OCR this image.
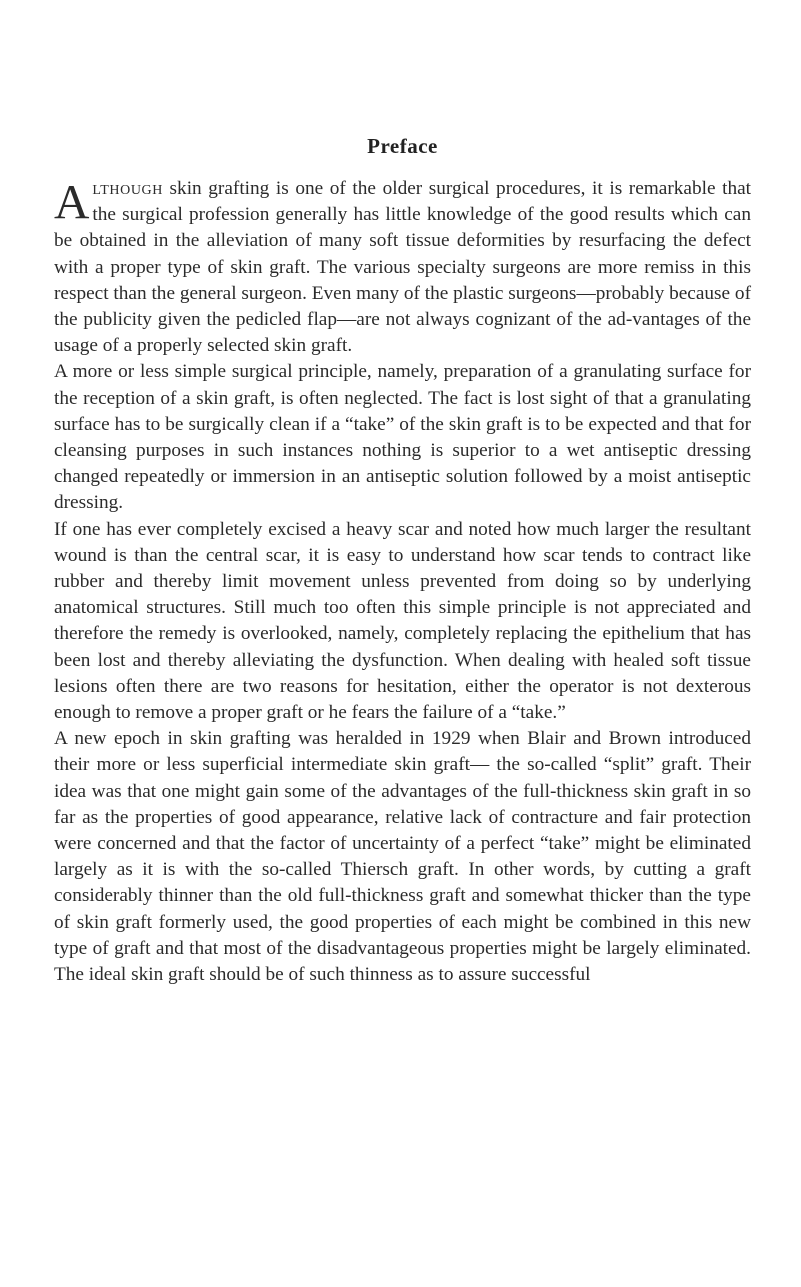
Preface

Although skin grafting is one of the older surgical procedures, it is remarkable that the surgical profession generally has little knowledge of the good results which can be obtained in the alleviation of many soft tissue deformities by resurfacing the defect with a proper type of skin graft. The various specialty surgeons are more remiss in this respect than the general surgeon. Even many of the plastic surgeons—probably because of the publicity given the pedicled flap—are not always cognizant of the ad-vantages of the usage of a properly selected skin graft.

A more or less simple surgical principle, namely, preparation of a granulating surface for the reception of a skin graft, is often neglected. The fact is lost sight of that a granulating surface has to be surgically clean if a “take” of the skin graft is to be expected and that for cleansing purposes in such instances nothing is superior to a wet antiseptic dressing changed repeatedly or immersion in an antiseptic solution followed by a moist antiseptic dressing.

If one has ever completely excised a heavy scar and noted how much larger the resultant wound is than the central scar, it is easy to understand how scar tends to contract like rubber and thereby limit movement unless prevented from doing so by underlying anatomical structures. Still much too often this simple principle is not appreciated and therefore the remedy is overlooked, namely, completely replacing the epithelium that has been lost and thereby alleviating the dysfunction. When dealing with healed soft tissue lesions often there are two reasons for hesitation, either the operator is not dexterous enough to remove a proper graft or he fears the failure of a “take.”

A new epoch in skin grafting was heralded in 1929 when Blair and Brown introduced their more or less superficial intermediate skin graft— the so-called “split” graft. Their idea was that one might gain some of the advantages of the full-thickness skin graft in so far as the properties of good appearance, relative lack of contracture and fair protection were concerned and that the factor of uncertainty of a perfect “take” might be eliminated largely as it is with the so-called Thiersch graft. In other words, by cutting a graft considerably thinner than the old full-thickness graft and somewhat thicker than the type of skin graft formerly used, the good properties of each might be combined in this new type of graft and that most of the disadvantageous properties might be largely eliminated. The ideal skin graft should be of such thinness as to assure successful
